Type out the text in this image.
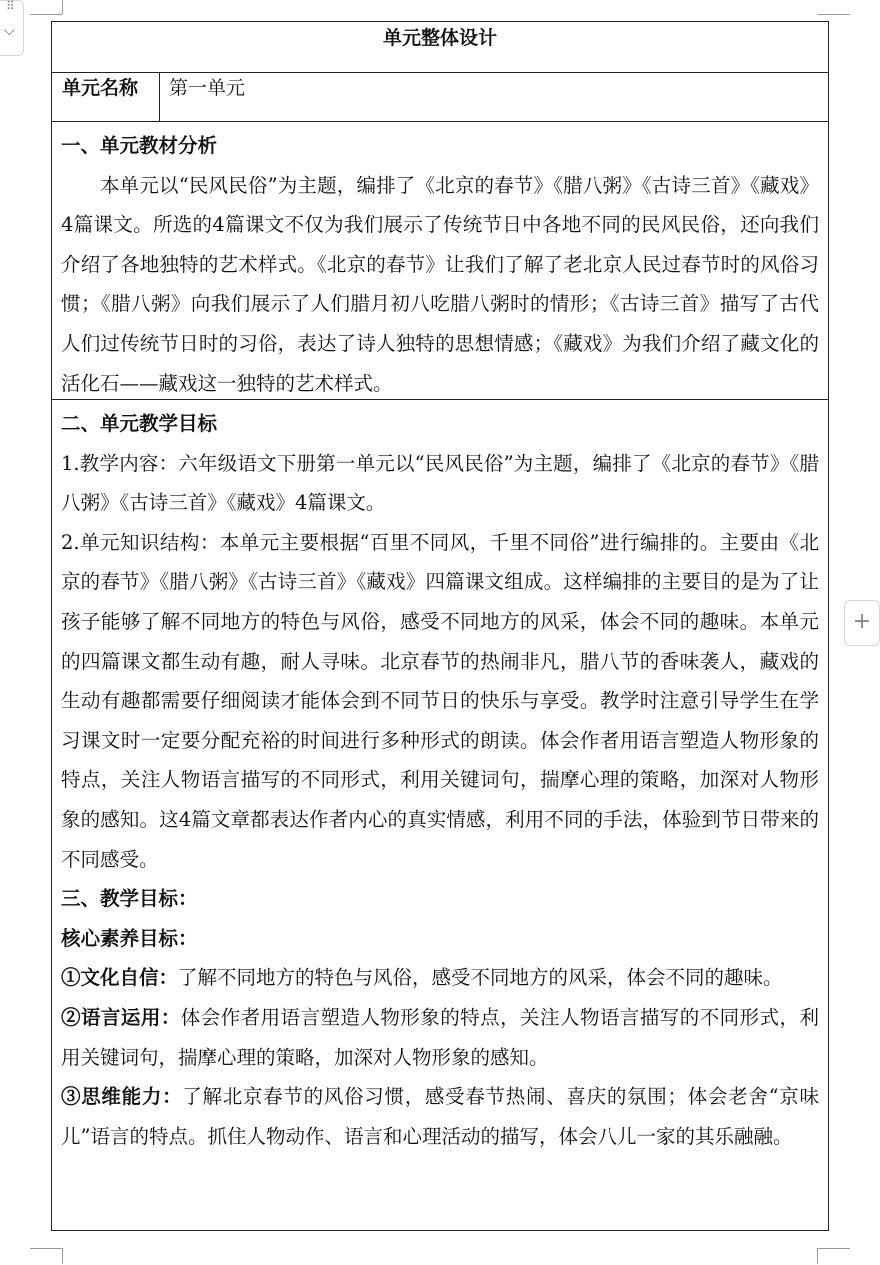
⠿
⌵
+
单元整体设计
单元名称	第一单元
一、单元教材分析
本单元以“民风民俗”为主题，编排了《北京的春节》《腊八粥》《古诗三首》《藏戏》4篇课文。所选的4篇课文不仅为我们展示了传统节日中各地不同的民风民俗，还向我们介绍了各地独特的艺术样式。《北京的春节》让我们了解了老北京人民过春节时的风俗习惯；《腊八粥》向我们展示了人们腊月初八吃腊八粥时的情形；《古诗三首》描写了古代人们过传统节日时的习俗，表达了诗人独特的思想情感；《藏戏》为我们介绍了藏文化的活化石——藏戏这一独特的艺术样式。
二、单元教学目标
1.教学内容：六年级语文下册第一单元以“民风民俗”为主题，编排了《北京的春节》《腊八粥》《古诗三首》《藏戏》4篇课文。
2.单元知识结构：本单元主要根据“百里不同风，千里不同俗”进行编排的。主要由《北京的春节》《腊八粥》《古诗三首》《藏戏》四篇课文组成。这样编排的主要目的是为了让孩子能够了解不同地方的特色与风俗，感受不同地方的风采，体会不同的趣味。本单元的四篇课文都生动有趣，耐人寻味。北京春节的热闹非凡，腊八节的香味袭人，藏戏的生动有趣都需要仔细阅读才能体会到不同节日的快乐与享受。教学时注意引导学生在学习课文时一定要分配充裕的时间进行多种形式的朗读。体会作者用语言塑造人物形象的特点，关注人物语言描写的不同形式，利用关键词句，揣摩心理的策略，加深对人物形象的感知。这4篇文章都表达作者内心的真实情感，利用不同的手法，体验到节日带来的不同感受。
三、教学目标：
核心素养目标：
①文化自信：了解不同地方的特色与风俗，感受不同地方的风采，体会不同的趣味。
②语言运用：体会作者用语言塑造人物形象的特点，关注人物语言描写的不同形式，利用关键词句，揣摩心理的策略，加深对人物形象的感知。
③思维能力：了解北京春节的风俗习惯，感受春节热闹、喜庆的氛围；体会老舍“京味儿”语言的特点。抓住人物动作、语言和心理活动的描写，体会八儿一家的其乐融融。
